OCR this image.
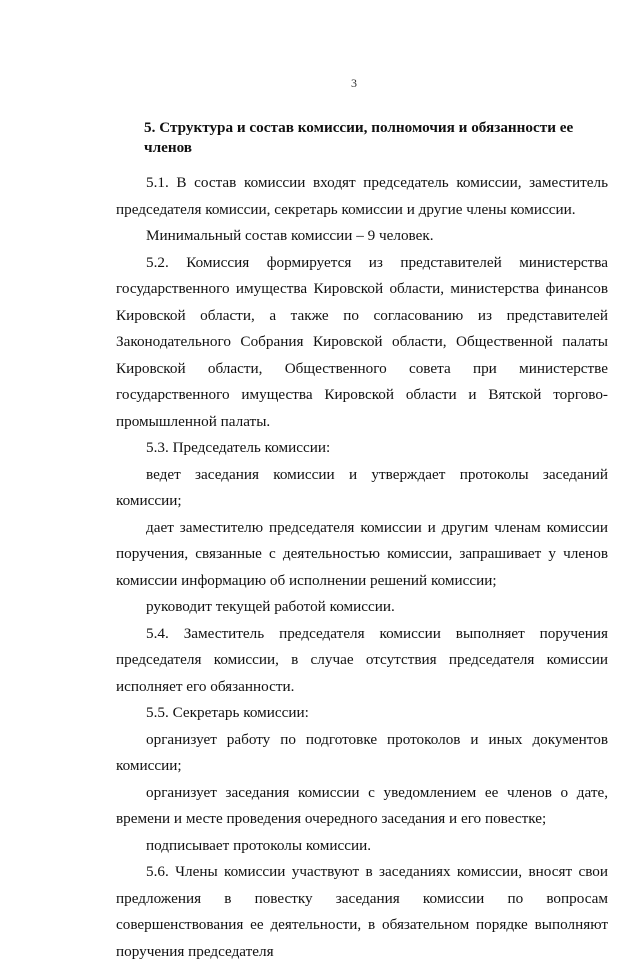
3
5. Структура и состав комиссии, полномочия и обязанности ее членов

5.1. В состав комиссии входят председатель комиссии, заместитель председателя комиссии, секретарь комиссии и другие члены комиссии.

Минимальный состав комиссии – 9 человек.

5.2. Комиссия формируется из представителей министерства государственного имущества Кировской области, министерства финансов Кировской области, а также по согласованию из представителей Законодательного Собрания Кировской области, Общественной палаты Кировской области, Общественного совета при министерстве государственного имущества Кировской области и Вятской торгово-промышленной палаты.

5.3. Председатель комиссии:

ведет заседания комиссии и утверждает протоколы заседаний комиссии;

дает заместителю председателя комиссии и другим членам комиссии поручения, связанные с деятельностью комиссии, запрашивает у членов комиссии информацию об исполнении решений комиссии;

руководит текущей работой комиссии.

5.4. Заместитель председателя комиссии выполняет поручения председателя комиссии, в случае отсутствия председателя комиссии исполняет его обязанности.

5.5. Секретарь комиссии:

организует работу по подготовке протоколов и иных документов комиссии;

организует заседания комиссии с уведомлением ее членов о дате, времени и месте проведения очередного заседания и его повестке;

подписывает протоколы комиссии.

5.6. Члены комиссии участвуют в заседаниях комиссии, вносят свои предложения в повестку заседания комиссии по вопросам совершенствования ее деятельности, в обязательном порядке выполняют поручения председателя
